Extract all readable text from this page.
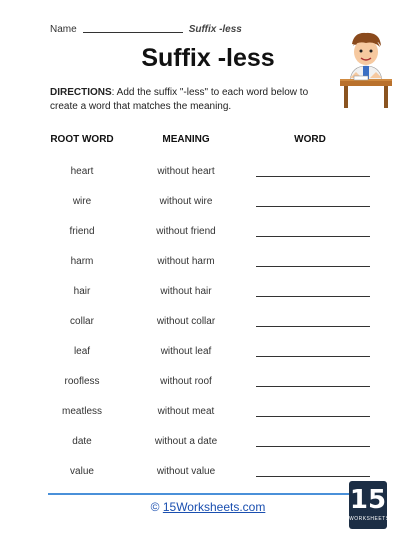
Name	Suffix -less
Suffix -less
DIRECTIONS: Add the suffix "-less" to each word below to create a word that matches the meaning.
ROOT WORD	MEANING	WORD
heart	without heart
wire	without wire
friend	without friend
harm	without harm
hair	without hair
collar	without collar
leaf	without leaf
roofless	without roof
meatless	without meat
date	without a date
value	without value
© 15Worksheets.com	15
WORKSHEETS.COM
